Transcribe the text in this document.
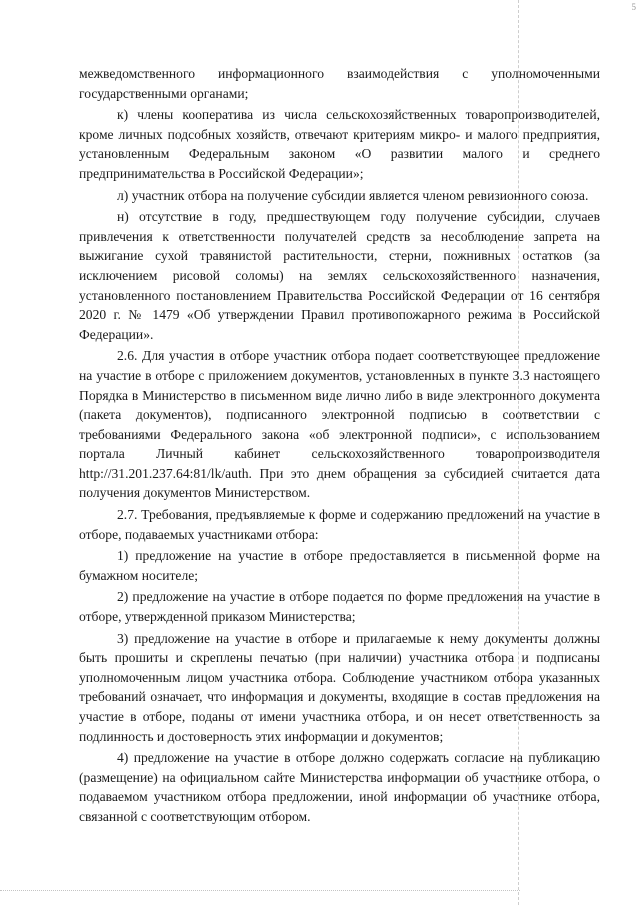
5

межведомственного информационного взаимодействия с уполномоченными государственными органами;

к) члены кооператива из числа сельскохозяйственных товаропроизводителей, кроме личных подсобных хозяйств, отвечают критериям микро- и малого предприятия, установленным Федеральным законом «О развитии малого и среднего предпринимательства в Российской Федерации»;

л) участник отбора на получение субсидии является членом ревизионного союза.

н) отсутствие в году, предшествующем году получение субсидии, случаев привлечения к ответственности получателей средств за несоблюдение запрета на выжигание сухой травянистой растительности, стерни, пожнивных остатков (за исключением рисовой соломы) на землях сельскохозяйственного назначения, установленного постановлением Правительства Российской Федерации от 16 сентября 2020 г. № 1479 «Об утверждении Правил противопожарного режима в Российской Федерации».

2.6. Для участия в отборе участник отбора подает соответствующее предложение на участие в отборе с приложением документов, установленных в пункте 3.3 настоящего Порядка в Министерство в письменном виде лично либо в виде электронного документа (пакета документов), подписанного электронной подписью в соответствии с требованиями Федерального закона «об электронной подписи», с использованием портала Личный кабинет сельскохозяйственного товаропроизводителя http://31.201.237.64:81/lk/auth. При это днем обращения за субсидией считается дата получения документов Министерством.

2.7. Требования, предъявляемые к форме и содержанию предложений на участие в отборе, подаваемых участниками отбора:

1) предложение на участие в отборе предоставляется в письменной форме на бумажном носителе;

2) предложение на участие в отборе подается по форме предложения на участие в отборе, утвержденной приказом Министерства;

3) предложение на участие в отборе и прилагаемые к нему документы должны быть прошиты и скреплены печатью (при наличии) участника отбора и подписаны уполномоченным лицом участника отбора. Соблюдение участником отбора указанных требований означает, что информация и документы, входящие в состав предложения на участие в отборе, поданы от имени участника отбора, и он несет ответственность за подлинность и достоверность этих информации и документов;

4) предложение на участие в отборе должно содержать согласие на публикацию (размещение) на официальном сайте Министерства информации об участнике отбора, о подаваемом участником отбора предложении, иной информации об участнике отбора, связанной с соответствующим отбором.
